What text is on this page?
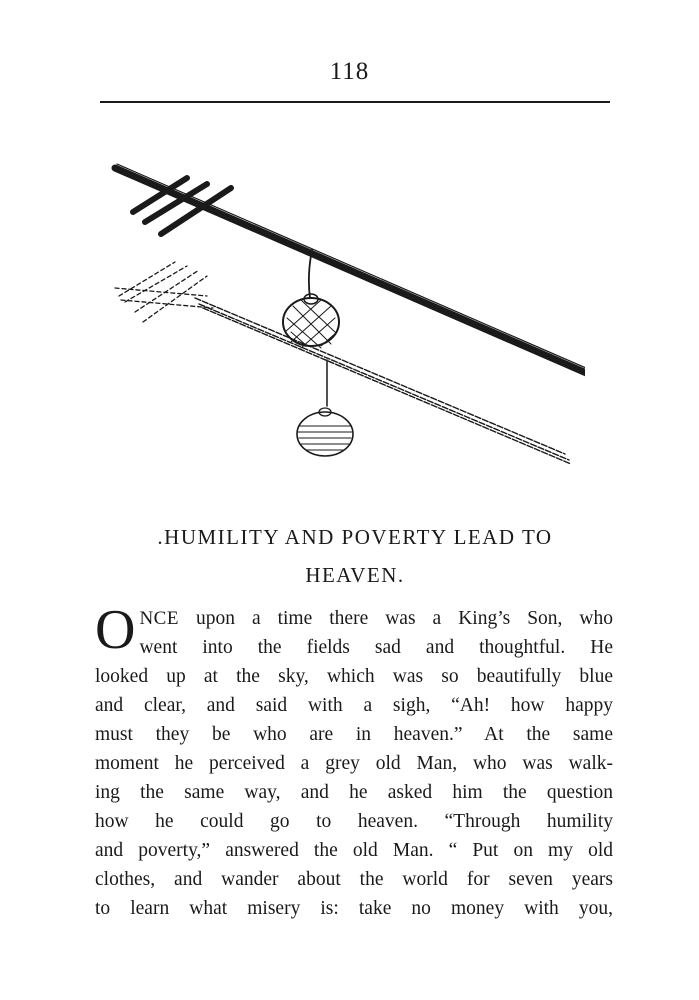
118
.HUMILITY AND POVERTY LEAD TO
HEAVEN.
O NCE upon a time there was a King’s Son, who
went into the fields sad and thoughtful. He
looked up at the sky, which was so beautifully blue
and clear, and said with a sigh, “Ah! how happy
must they be who are in heaven.” At the same
moment he perceived a grey old Man, who was walk-
ing the same way, and he asked him the question
how he could go to heaven. “Through humility
and poverty,” answered the old Man. “ Put on my old
clothes, and wander about the world for seven years
to learn what misery is: take no money with you,
